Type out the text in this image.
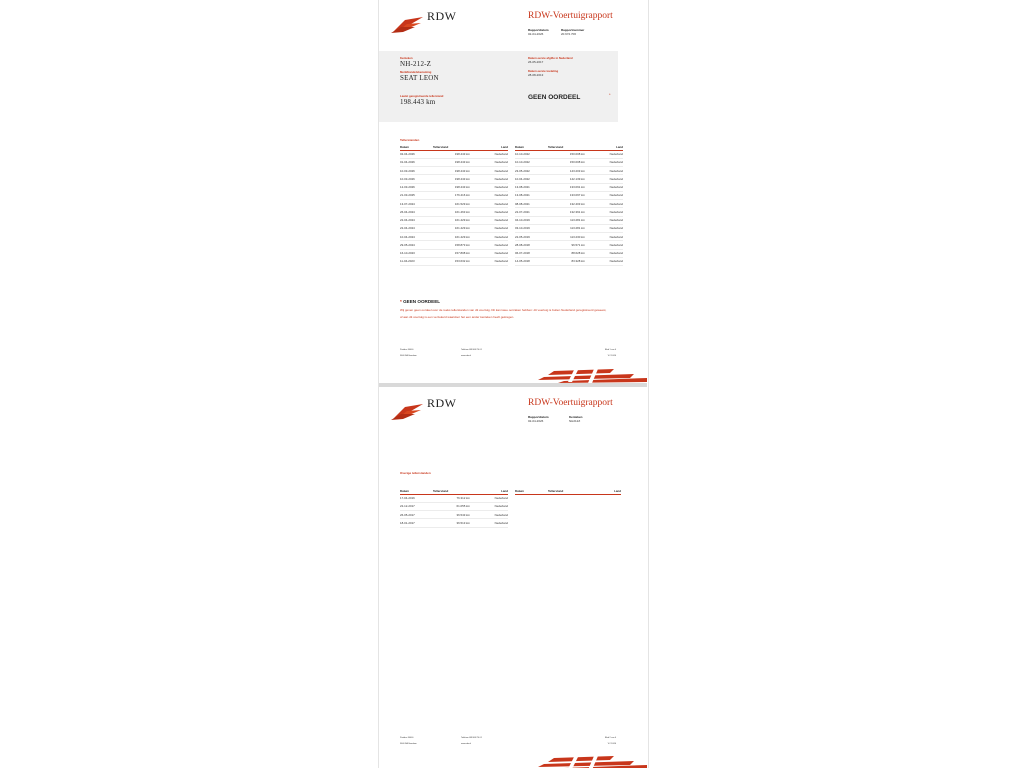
RDW	RDW-Voertuigrapport
Rapportdatum
02-04-2026
Rapportnummer
20.972.706
Kenteken
NH-212-Z
Merk/Handelsbenaming
SEAT LEON
Laatst geregistreerde tellerstand
198.443 km
Datum eerste afgifte in Nederland
26-05-2017
Datum eerste toelating
28-08-2013
GEEN OORDEEL	*
Tellerstanden
Datum	Tellerstand	Land
02-04-2026	198.443 km	Nederland
01-04-2026	198.443 km	Nederland
10-03-2026	198.443 km	Nederland
10-03-2026	198.443 km	Nederland
12-03-2026	198.443 km	Nederland
21-03-2025	176.416 km	Nederland
13-07-2024	161.529 km	Nederland
26-04-2024	161.463 km	Nederland
22-04-2024	161.429 km	Nederland
22-04-2024	161.429 km	Nederland
10-04-2024	161.429 km	Nederland
29-05-2024	158.873 km	Nederland
16-10-2023	157.808 km	Nederland
11-04-2023	153.632 km	Nederland
Datum	Tellerstand	Land
10-10-2022	150.008 km	Nederland
10-10-2022	150.008 km	Nederland
23-05-2022	143.203 km	Nederland
10-04-2022	142.139 km	Nederland
13-08-2021	133.091 km	Nederland
13-08-2021	133.097 km	Nederland
08-08-2021	132.403 km	Nederland
22-07-2021	132.391 km	Nederland
04-10-2019	113.281 km	Nederland
03-10-2019	113.281 km	Nederland
22-05-2019	113.230 km	Nederland
28-08-2018	96.571 km	Nederland
06-07-2018	88.628 km	Nederland
14-05-2018	83.328 km	Nederland
* GEEN OORDEEL
Wij geven geen oordeel over de reeks tellerstanden van dit voertuig. Dit kan twee oorzaken hebben: dit voertuig is buiten Nederland geregistreerd geweest, of aan dit voertuig is een verzekerd waardoor het een ander kenteken heeft gekregen.
Postbus 30000
9640 RA Veendam
Telefoon 088 008 74 01
www.rdw.nl
Blad 1 van 4
V.2 10/16
RDW	RDW-Voertuigrapport
Rapportdatum
02-04-2026
Kenteken
NH212Z
Overige tellerstanden
Datum	Tellerstand	Land
17-04-2016	76.312 km	Nederland
22-12-2017	61.055 km	Nederland
26-05-2017	36.543 km	Nederland
18-01-2017	36.513 km	Nederland
Datum	Tellerstand	Land
Postbus 30000
9640 RA Veendam
Telefoon 088 008 74 01
www.rdw.nl
Blad 2 van 4
V.2 10/16
